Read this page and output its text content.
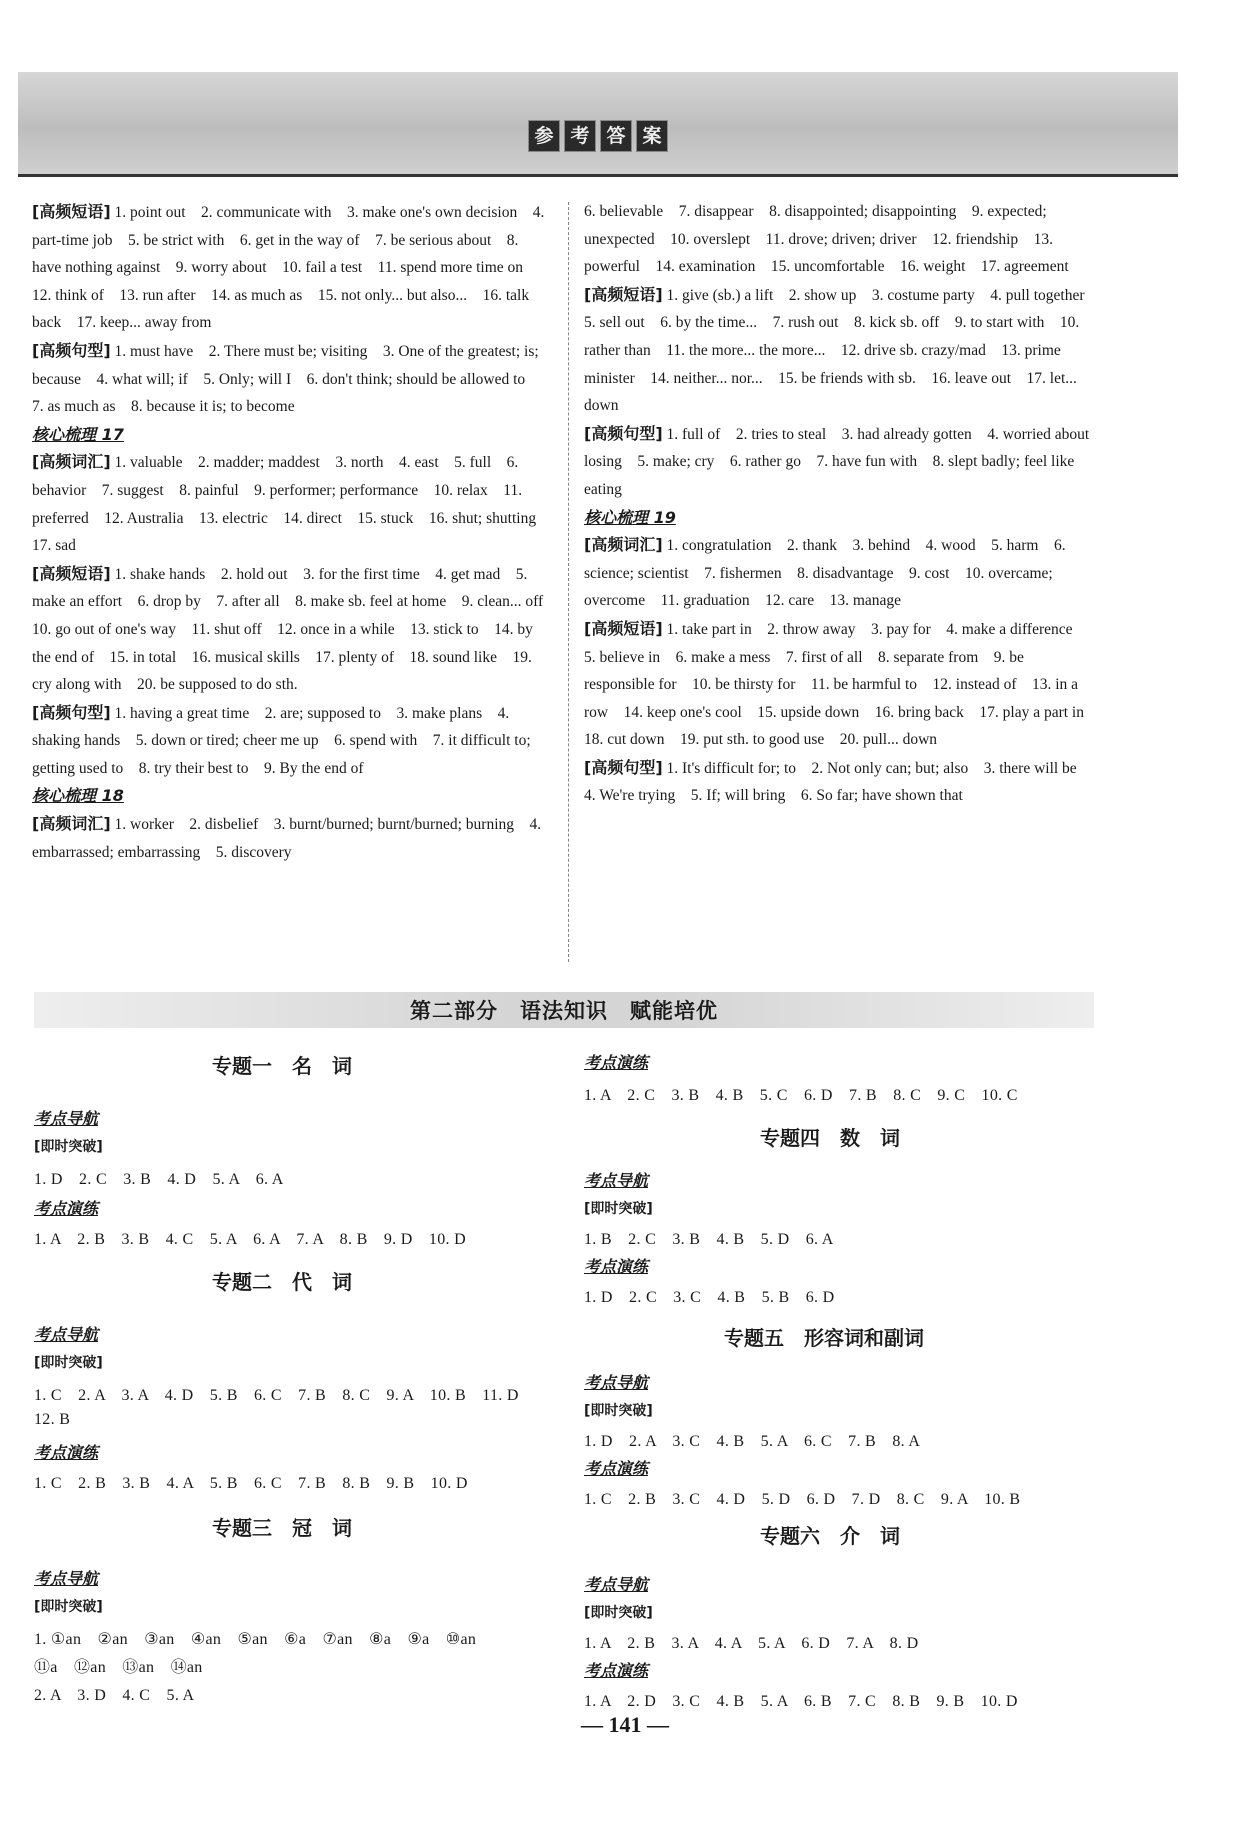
参 考 答 案

[高频短语] 1. point out　2. communicate with　3. make one's own decision　4. part-time job　5. be strict with　6. get in the way of　7. be serious about　8. have nothing against　9. worry about　10. fail a test　11. spend more time on　12. think of　13. run after　14. as much as　15. not only... but also...　16. talk back　17. keep... away from

[高频句型] 1. must have　2. There must be; visiting　3. One of the greatest; is; because　4. what will; if　5. Only; will I　6. don't think; should be allowed to　7. as much as　8. because it is; to become

核心梳理 17

[高频词汇] 1. valuable　2. madder; maddest　3. north　4. east　5. full　6. behavior　7. suggest　8. painful　9. performer; performance　10. relax　11. preferred　12. Australia　13. electric　14. direct　15. stuck　16. shut; shutting　17. sad

[高频短语] 1. shake hands　2. hold out　3. for the first time　4. get mad　5. make an effort　6. drop by　7. after all　8. make sb. feel at home　9. clean... off　10. go out of one's way　11. shut off　12. once in a while　13. stick to　14. by the end of　15. in total　16. musical skills　17. plenty of　18. sound like　19. cry along with　20. be supposed to do sth.

[高频句型] 1. having a great time　2. are; supposed to　3. make plans　4. shaking hands　5. down or tired; cheer me up　6. spend with　7. it difficult to; getting used to　8. try their best to　9. By the end of

核心梳理 18

[高频词汇] 1. worker　2. disbelief　3. burnt/burned; burnt/burned; burning　4. embarrassed; embarrassing　5. discovery

6. believable　7. disappear　8. disappointed; disappointing　9. expected; unexpected　10. overslept　11. drove; driven; driver　12. friendship　13. powerful　14. examination　15. uncomfortable　16. weight　17. agreement

[高频短语] 1. give (sb.) a lift　2. show up　3. costume party　4. pull together　5. sell out　6. by the time...　7. rush out　8. kick sb. off　9. to start with　10. rather than　11. the more... the more...　12. drive sb. crazy/mad　13. prime minister　14. neither... nor...　15. be friends with sb.　16. leave out　17. let... down

[高频句型] 1. full of　2. tries to steal　3. had already gotten　4. worried about losing　5. make; cry　6. rather go　7. have fun with　8. slept badly; feel like eating

核心梳理 19

[高频词汇] 1. congratulation　2. thank　3. behind　4. wood　5. harm　6. science; scientist　7. fishermen　8. disadvantage　9. cost　10. overcame; overcome　11. graduation　12. care　13. manage

[高频短语] 1. take part in　2. throw away　3. pay for　4. make a difference　5. believe in　6. make a mess　7. first of all　8. separate from　9. be responsible for　10. be thirsty for　11. be harmful to　12. instead of　13. in a row　14. keep one's cool　15. upside down　16. bring back　17. play a part in　18. cut down　19. put sth. to good use　20. pull... down

[高频句型] 1. It's difficult for; to　2. Not only can; but; also　3. there will be　4. We're trying　5. If; will bring　6. So far; have shown that

第二部分　语法知识　赋能培优
专题一　名　词
考点导航
[即时突破]
1. D　2. C　3. B　4. D　5. A　6. A
考点演练
1. A　2. B　3. B　4. C　5. A　6. A　7. A　8. B　9. D　10. D
专题二　代　词
考点导航
[即时突破]
1. C　2. A　3. A　4. D　5. B　6. C　7. B　8. C　9. A　10. B　11. D
12. B
考点演练
1. C　2. B　3. B　4. A　5. B　6. C　7. B　8. B　9. B　10. D
专题三　冠　词
考点导航
[即时突破]
1. ①an　②an　③an　④an　⑤an　⑥a　⑦an　⑧a　⑨a　⑩an
⑪a　⑫an　⑬an　⑭an
2. A　3. D　4. C　5. A
考点演练
1. A　2. C　3. B　4. B　5. C　6. D　7. B　8. C　9. C　10. C
专题四　数　词
考点导航
[即时突破]
1. B　2. C　3. B　4. B　5. D　6. A
考点演练
1. D　2. C　3. C　4. B　5. B　6. D
专题五　形容词和副词
考点导航
[即时突破]
1. D　2. A　3. C　4. B　5. A　6. C　7. B　8. A
考点演练
1. C　2. B　3. C　4. D　5. D　6. D　7. D　8. C　9. A　10. B
专题六　介　词
考点导航
[即时突破]
1. A　2. B　3. A　4. A　5. A　6. D　7. A　8. D
考点演练
1. A　2. D　3. C　4. B　5. A　6. B　7. C　8. B　9. B　10. D
— 141 —
